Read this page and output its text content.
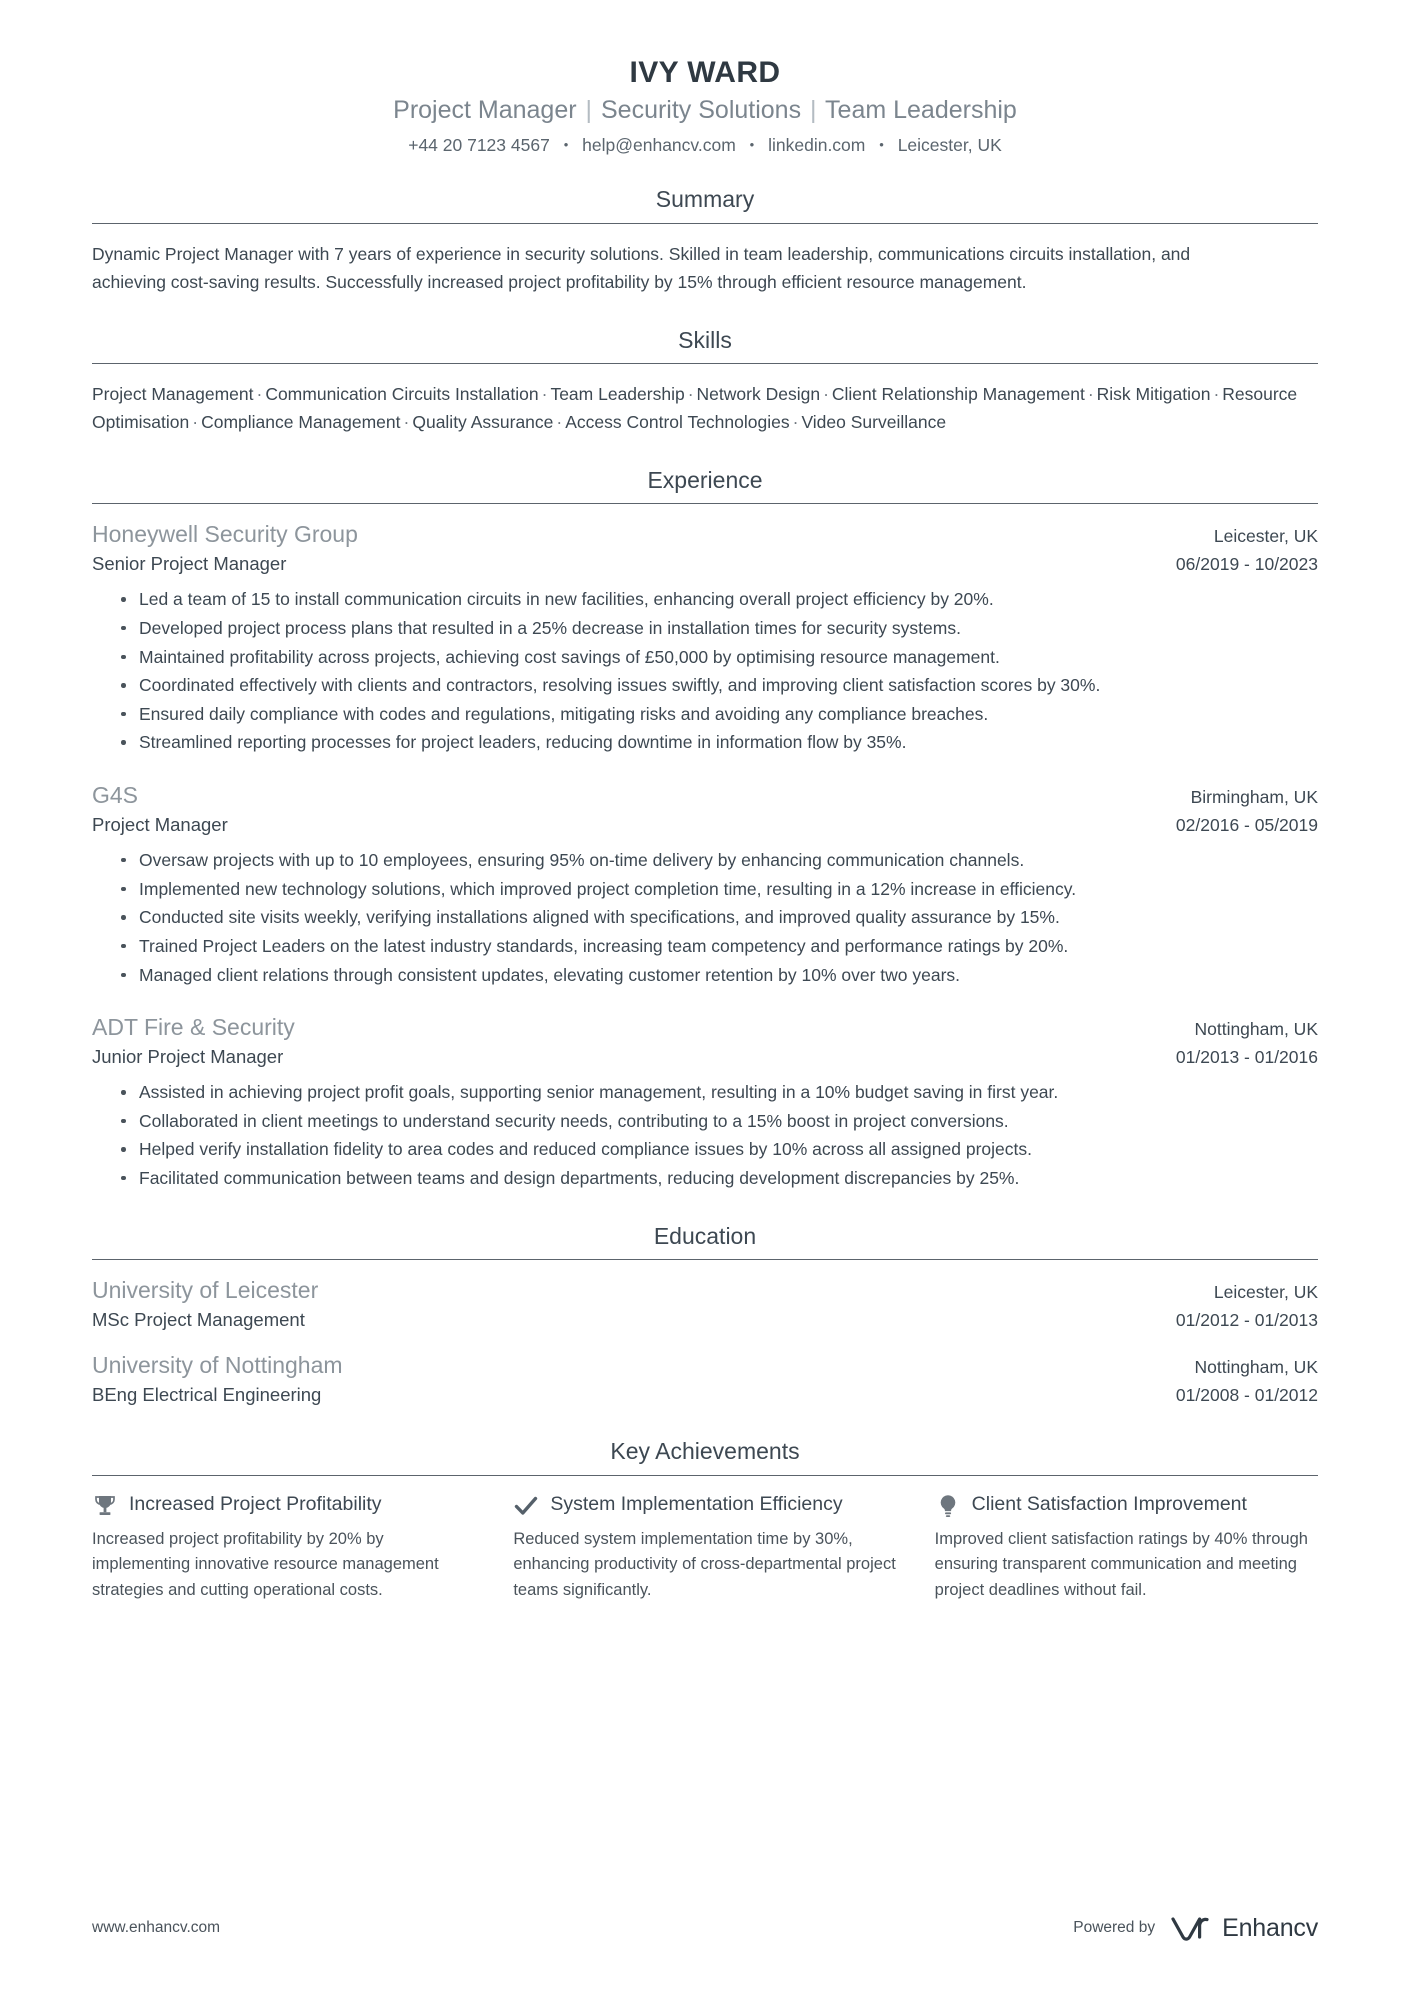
IVY WARD
Project Manager | Security Solutions | Team Leadership
+44 20 7123 4567 • help@enhancv.com • linkedin.com • Leicester, UK
Summary
Dynamic Project Manager with 7 years of experience in security solutions. Skilled in team leadership, communications circuits installation, and achieving cost-saving results. Successfully increased project profitability by 15% through efficient resource management.
Skills
Project Management · Communication Circuits Installation · Team Leadership · Network Design · Client Relationship Management · Risk Mitigation · Resource Optimisation · Compliance Management · Quality Assurance · Access Control Technologies · Video Surveillance
Experience
Honeywell Security Group	Leicester, UK
Senior Project Manager	06/2019 - 10/2023
Led a team of 15 to install communication circuits in new facilities, enhancing overall project efficiency by 20%.
Developed project process plans that resulted in a 25% decrease in installation times for security systems.
Maintained profitability across projects, achieving cost savings of £50,000 by optimising resource management.
Coordinated effectively with clients and contractors, resolving issues swiftly, and improving client satisfaction scores by 30%.
Ensured daily compliance with codes and regulations, mitigating risks and avoiding any compliance breaches.
Streamlined reporting processes for project leaders, reducing downtime in information flow by 35%.
G4S	Birmingham, UK
Project Manager	02/2016 - 05/2019
Oversaw projects with up to 10 employees, ensuring 95% on-time delivery by enhancing communication channels.
Implemented new technology solutions, which improved project completion time, resulting in a 12% increase in efficiency.
Conducted site visits weekly, verifying installations aligned with specifications, and improved quality assurance by 15%.
Trained Project Leaders on the latest industry standards, increasing team competency and performance ratings by 20%.
Managed client relations through consistent updates, elevating customer retention by 10% over two years.
ADT Fire & Security	Nottingham, UK
Junior Project Manager	01/2013 - 01/2016
Assisted in achieving project profit goals, supporting senior management, resulting in a 10% budget saving in first year.
Collaborated in client meetings to understand security needs, contributing to a 15% boost in project conversions.
Helped verify installation fidelity to area codes and reduced compliance issues by 10% across all assigned projects.
Facilitated communication between teams and design departments, reducing development discrepancies by 25%.
Education
University of Leicester	Leicester, UK
MSc Project Management	01/2012 - 01/2013
University of Nottingham	Nottingham, UK
BEng Electrical Engineering	01/2008 - 01/2012
Key Achievements
Increased Project Profitability
Increased project profitability by 20% by implementing innovative resource management strategies and cutting operational costs.
System Implementation Efficiency
Reduced system implementation time by 30%, enhancing productivity of cross-departmental project teams significantly.
Client Satisfaction Improvement
Improved client satisfaction ratings by 40% through ensuring transparent communication and meeting project deadlines without fail.
www.enhancv.com	Powered by	Enhancv
